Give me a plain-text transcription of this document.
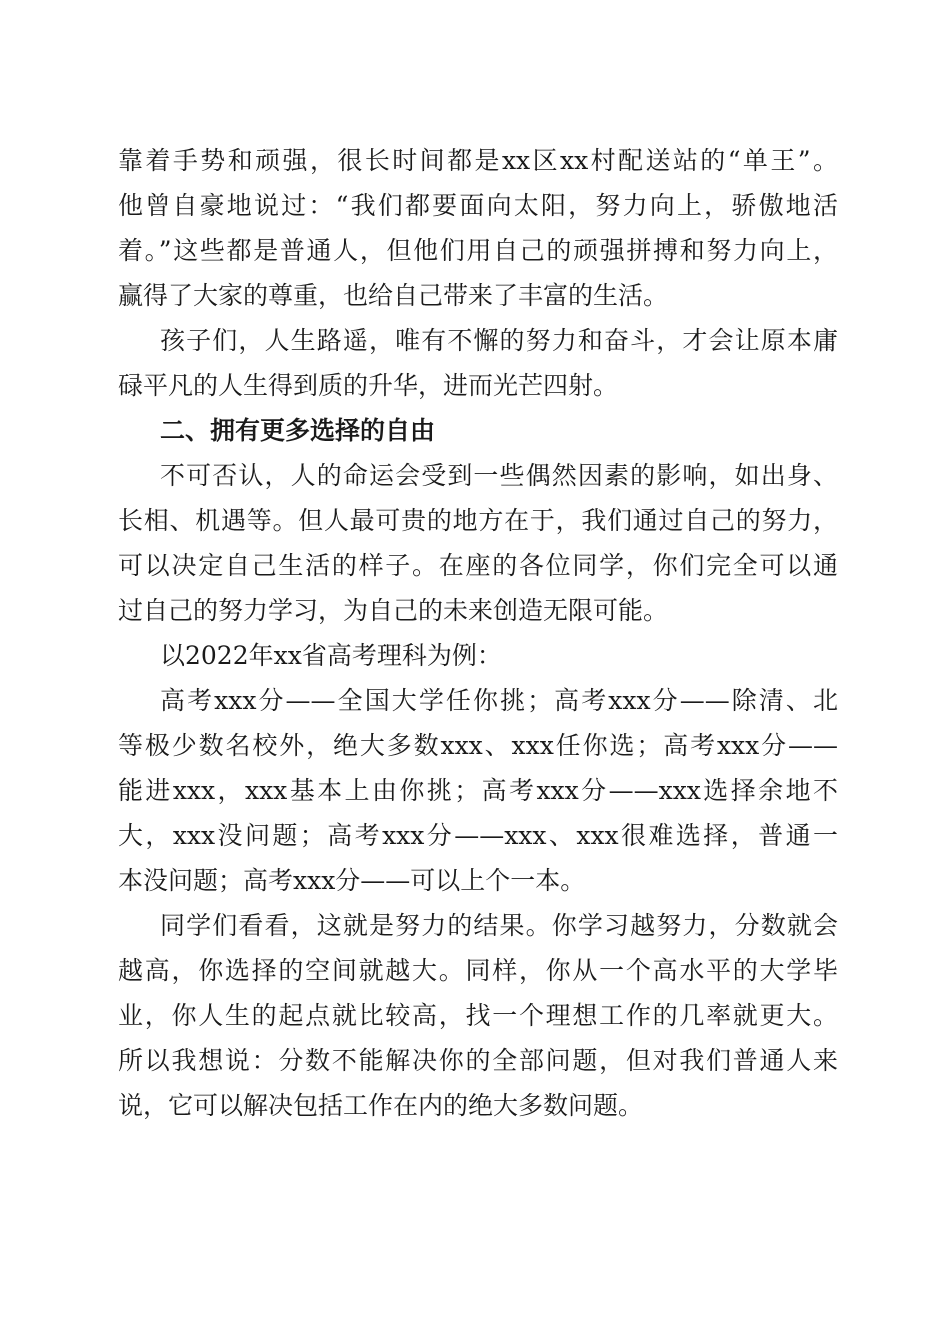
靠着手势和顽强，很长时间都是xx区xx村配送站的“单王”。
他曾自豪地说过：“我们都要面向太阳，努力向上，骄傲地活
着。”这些都是普通人，但他们用自己的顽强拼搏和努力向上，
赢得了大家的尊重，也给自己带来了丰富的生活。
孩子们，人生路遥，唯有不懈的努力和奋斗，才会让原本庸
碌平凡的人生得到质的升华，进而光芒四射。
二、拥有更多选择的自由
不可否认，人的命运会受到一些偶然因素的影响，如出身、
长相、机遇等。但人最可贵的地方在于，我们通过自己的努力，
可以决定自己生活的样子。在座的各位同学，你们完全可以通
过自己的努力学习，为自己的未来创造无限可能。
以2022年xx省高考理科为例：
高考xxx分——全国大学任你挑；高考xxx分——除清、北
等极少数名校外，绝大多数xxx、xxx任你选；高考xxx分——
能进xxx，xxx基本上由你挑；高考xxx分——xxx选择余地不
大，xxx没问题；高考xxx分——xxx、xxx很难选择，普通一
本没问题；高考xxx分——可以上个一本。
同学们看看，这就是努力的结果。你学习越努力，分数就会
越高，你选择的空间就越大。同样，你从一个高水平的大学毕
业，你人生的起点就比较高，找一个理想工作的几率就更大。
所以我想说：分数不能解决你的全部问题，但对我们普通人来
说，它可以解决包括工作在内的绝大多数问题。
